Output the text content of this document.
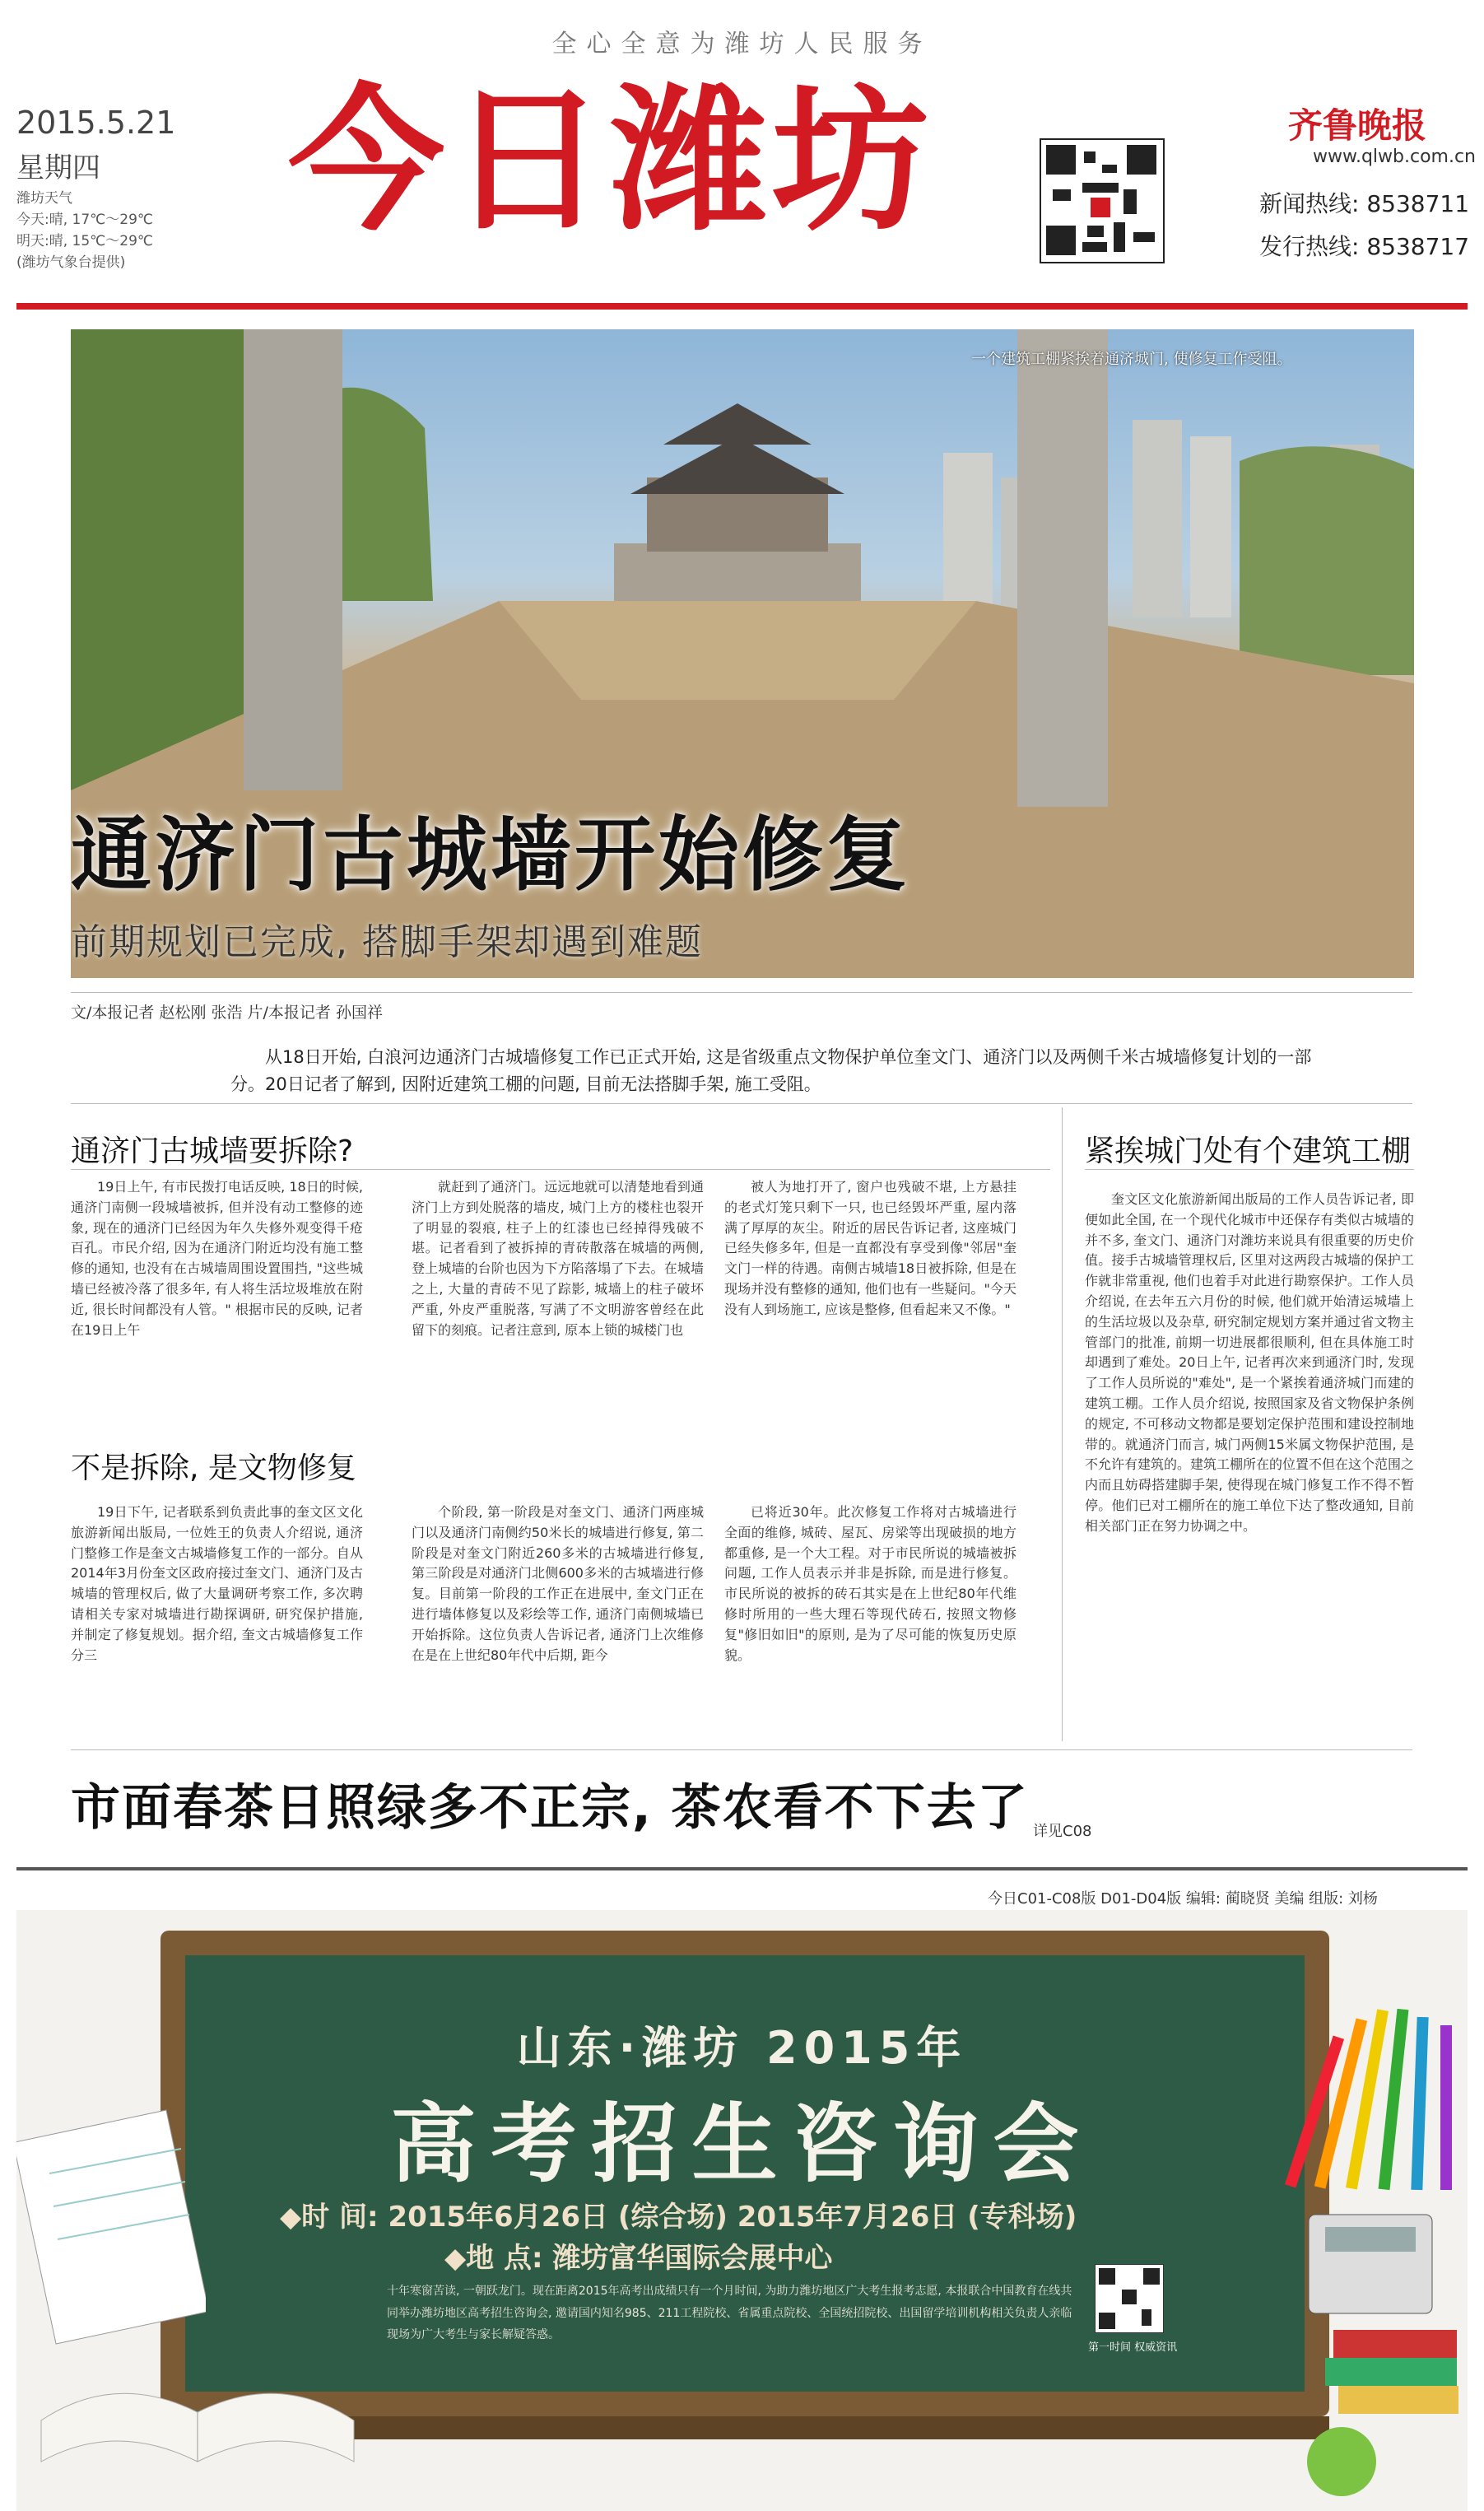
全心全意为潍坊人民服务
2015.5.21
星期四
潍坊天气
今天:晴, 17℃～29℃
明天:晴, 15℃～29℃
(潍坊气象台提供)
今日潍坊	齐鲁晚报
www.qlwb.com.cn
新闻热线: 8538711
发行热线: 8538717
一个建筑工棚紧挨着通济城门, 使修复工作受阻。
通济门古城墙开始修复
前期规划已完成, 搭脚手架却遇到难题
文/本报记者 赵松刚 张浩 片/本报记者 孙国祥
从18日开始, 白浪河边通济门古城墙修复工作已正式开始, 这是省级重点文物保护单位奎文门、通济门以及两侧千米古城墙修复计划的一部分。20日记者了解到, 因附近建筑工棚的问题, 目前无法搭脚手架, 施工受阻。
通济门古城墙要拆除?
19日上午, 有市民拨打电话反映, 18日的时候, 通济门南侧一段城墙被拆, 但并没有动工整修的迹象, 现在的通济门已经因为年久失修外观变得千疮百孔。市民介绍, 因为在通济门附近均没有施工整修的通知, 也没有在古城墙周围设置围挡, "这些城墙已经被冷落了很多年, 有人将生活垃圾堆放在附近, 很长时间都没有人管。" 根据市民的反映, 记者在19日上午
就赶到了通济门。远远地就可以清楚地看到通济门上方到处脱落的墙皮, 城门上方的楼柱也裂开了明显的裂痕, 柱子上的红漆也已经掉得残破不堪。记者看到了被拆掉的青砖散落在城墙的两侧, 登上城墙的台阶也因为下方陷落塌了下去。在城墙之上, 大量的青砖不见了踪影, 城墙上的柱子破坏严重, 外皮严重脱落, 写满了不文明游客曾经在此留下的刻痕。记者注意到, 原本上锁的城楼门也
被人为地打开了, 窗户也残破不堪, 上方悬挂的老式灯笼只剩下一只, 也已经毁坏严重, 屋内落满了厚厚的灰尘。附近的居民告诉记者, 这座城门已经失修多年, 但是一直都没有享受到像"邻居"奎文门一样的待遇。南侧古城墙18日被拆除, 但是在现场并没有整修的通知, 他们也有一些疑问。"今天没有人到场施工, 应该是整修, 但看起来又不像。"
不是拆除, 是文物修复
19日下午, 记者联系到负责此事的奎文区文化旅游新闻出版局, 一位姓王的负责人介绍说, 通济门整修工作是奎文古城墙修复工作的一部分。自从2014年3月份奎文区政府接过奎文门、通济门及古城墙的管理权后, 做了大量调研考察工作, 多次聘请相关专家对城墙进行勘探调研, 研究保护措施, 并制定了修复规划。据介绍, 奎文古城墙修复工作分三
个阶段, 第一阶段是对奎文门、通济门两座城门以及通济门南侧约50米长的城墙进行修复, 第二阶段是对奎文门附近260多米的古城墙进行修复, 第三阶段是对通济门北侧600多米的古城墙进行修复。目前第一阶段的工作正在进展中, 奎文门正在进行墙体修复以及彩绘等工作, 通济门南侧城墙已开始拆除。这位负责人告诉记者, 通济门上次维修在是在上世纪80年代中后期, 距今
已将近30年。此次修复工作将对古城墙进行全面的维修, 城砖、屋瓦、房梁等出现破损的地方都重修, 是一个大工程。对于市民所说的城墙被拆问题, 工作人员表示并非是拆除, 而是进行修复。市民所说的被拆的砖石其实是在上世纪80年代维修时所用的一些大理石等现代砖石, 按照文物修复"修旧如旧"的原则, 是为了尽可能的恢复历史原貌。
紧挨城门处有个建筑工棚
奎文区文化旅游新闻出版局的工作人员告诉记者, 即便如此全国, 在一个现代化城市中还保存有类似古城墙的并不多, 奎文门、通济门对潍坊来说具有很重要的历史价值。接手古城墙管理权后, 区里对这两段古城墙的保护工作就非常重视, 他们也着手对此进行勘察保护。工作人员介绍说, 在去年五六月份的时候, 他们就开始清运城墙上的生活垃圾以及杂草, 研究制定规划方案并通过省文物主管部门的批准, 前期一切进展都很顺利, 但在具体施工时却遇到了难处。20日上午, 记者再次来到通济门时, 发现了工作人员所说的"难处", 是一个紧挨着通济城门而建的建筑工棚。工作人员介绍说, 按照国家及省文物保护条例的规定, 不可移动文物都是要划定保护范围和建设控制地带的。就通济门而言, 城门两侧15米属文物保护范围, 是不允许有建筑的。建筑工棚所在的位置不但在这个范围之内而且妨碍搭建脚手架, 使得现在城门修复工作不得不暂停。他们已对工棚所在的施工单位下达了整改通知, 目前相关部门正在努力协调之中。
市面春茶日照绿多不正宗, 茶农看不下去了 详见C08
今日C01-C08版 D01-D04版 编辑: 蔺晓贤 美编 组版: 刘杨
山东·潍坊 2015年
高考招生咨询会
◆时 间: 2015年6月26日 (综合场) 2015年7月26日 (专科场)
◆地 点: 潍坊富华国际会展中心
十年寒窗苦读, 一朝跃龙门。现在距离2015年高考出成绩只有一个月时间, 为助力潍坊地区广大考生报考志愿, 本报联合中国教育在线共同举办潍坊地区高考招生咨询会, 邀请国内知名985、211工程院校、省属重点院校、全国统招院校、出国留学培训机构相关负责人亲临现场为广大考生与家长解疑答惑。
第一时间 权威资讯
